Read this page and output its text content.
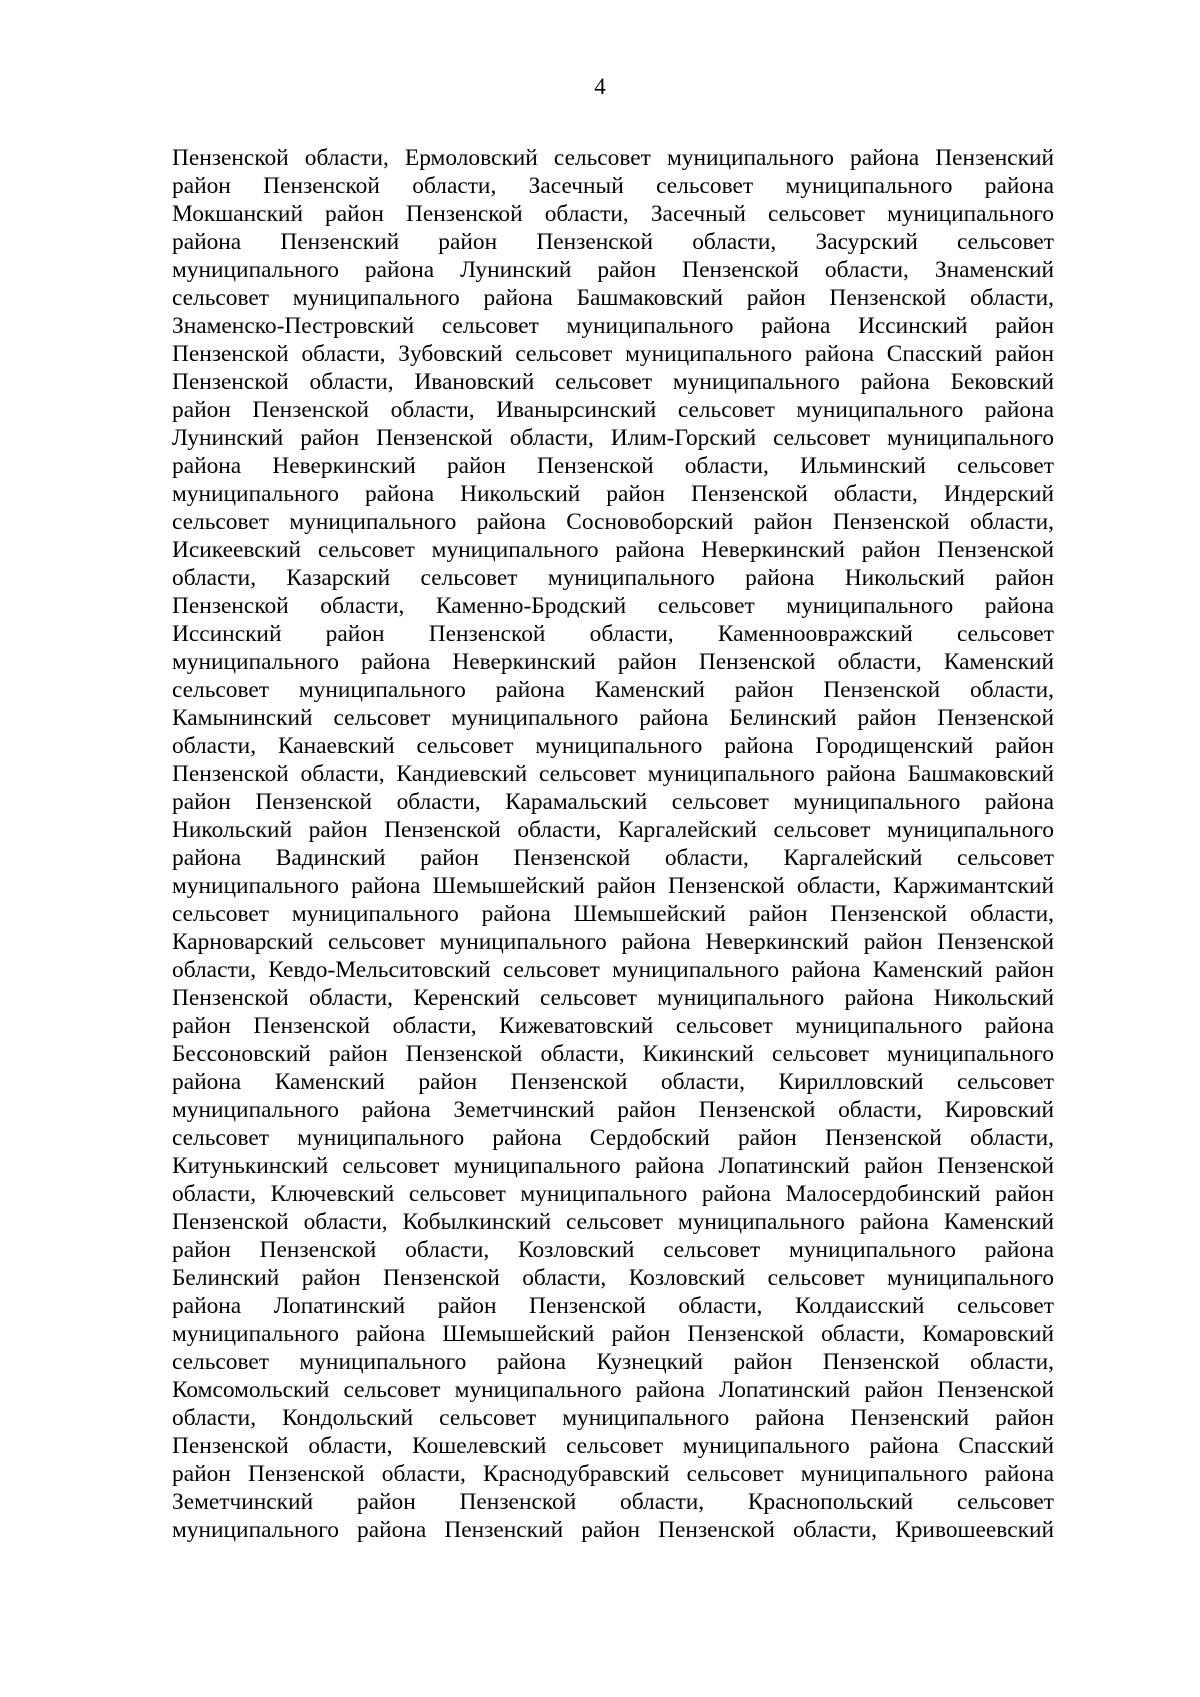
4
Пензенской области, Ермоловский сельсовет муниципального района Пензенский
район Пензенской области, Засечный сельсовет муниципального района
Мокшанский район Пензенской области, Засечный сельсовет муниципального
района Пензенский район Пензенской области, Засурский сельсовет
муниципального района Лунинский район Пензенской области, Знаменский
сельсовет муниципального района Башмаковский район Пензенской области,
Знаменско-Пестровский сельсовет муниципального района Иссинский район
Пензенской области, Зубовский сельсовет муниципального района Спасский район
Пензенской области, Ивановский сельсовет муниципального района Бековский
район Пензенской области, Иванырсинский сельсовет муниципального района
Лунинский район Пензенской области, Илим-Горский сельсовет муниципального
района Неверкинский район Пензенской области, Ильминский сельсовет
муниципального района Никольский район Пензенской области, Индерский
сельсовет муниципального района Сосновоборский район Пензенской области,
Исикеевский сельсовет муниципального района Неверкинский район Пензенской
области, Казарский сельсовет муниципального района Никольский район
Пензенской области, Каменно-Бродский сельсовет муниципального района
Иссинский район Пензенской области, Каменноовражский сельсовет
муниципального района Неверкинский район Пензенской области, Каменский
сельсовет муниципального района Каменский район Пензенской области,
Камынинский сельсовет муниципального района Белинский район Пензенской
области, Канаевский сельсовет муниципального района Городищенский район
Пензенской области, Кандиевский сельсовет муниципального района Башмаковский
район Пензенской области, Карамальский сельсовет муниципального района
Никольский район Пензенской области, Каргалейский сельсовет муниципального
района Вадинский район Пензенской области, Каргалейский сельсовет
муниципального района Шемышейский район Пензенской области, Каржимантский
сельсовет муниципального района Шемышейский район Пензенской области,
Карноварский сельсовет муниципального района Неверкинский район Пензенской
области, Кевдо-Мельситовский сельсовет муниципального района Каменский район
Пензенской области, Керенский сельсовет муниципального района Никольский
район Пензенской области, Кижеватовский сельсовет муниципального района
Бессоновский район Пензенской области, Кикинский сельсовет муниципального
района Каменский район Пензенской области, Кирилловский сельсовет
муниципального района Земетчинский район Пензенской области, Кировский
сельсовет муниципального района Сердобский район Пензенской области,
Китунькинский сельсовет муниципального района Лопатинский район Пензенской
области, Ключевский сельсовет муниципального района Малосердобинский район
Пензенской области, Кобылкинский сельсовет муниципального района Каменский
район Пензенской области, Козловский сельсовет муниципального района
Белинский район Пензенской области, Козловский сельсовет муниципального
района Лопатинский район Пензенской области, Колдаисский сельсовет
муниципального района Шемышейский район Пензенской области, Комаровский
сельсовет муниципального района Кузнецкий район Пензенской области,
Комсомольский сельсовет муниципального района Лопатинский район Пензенской
области, Кондольский сельсовет муниципального района Пензенский район
Пензенской области, Кошелевский сельсовет муниципального района Спасский
район Пензенской области, Краснодубравский сельсовет муниципального района
Земетчинский район Пензенской области, Краснопольский сельсовет
муниципального района Пензенский район Пензенской области, Кривошеевский
